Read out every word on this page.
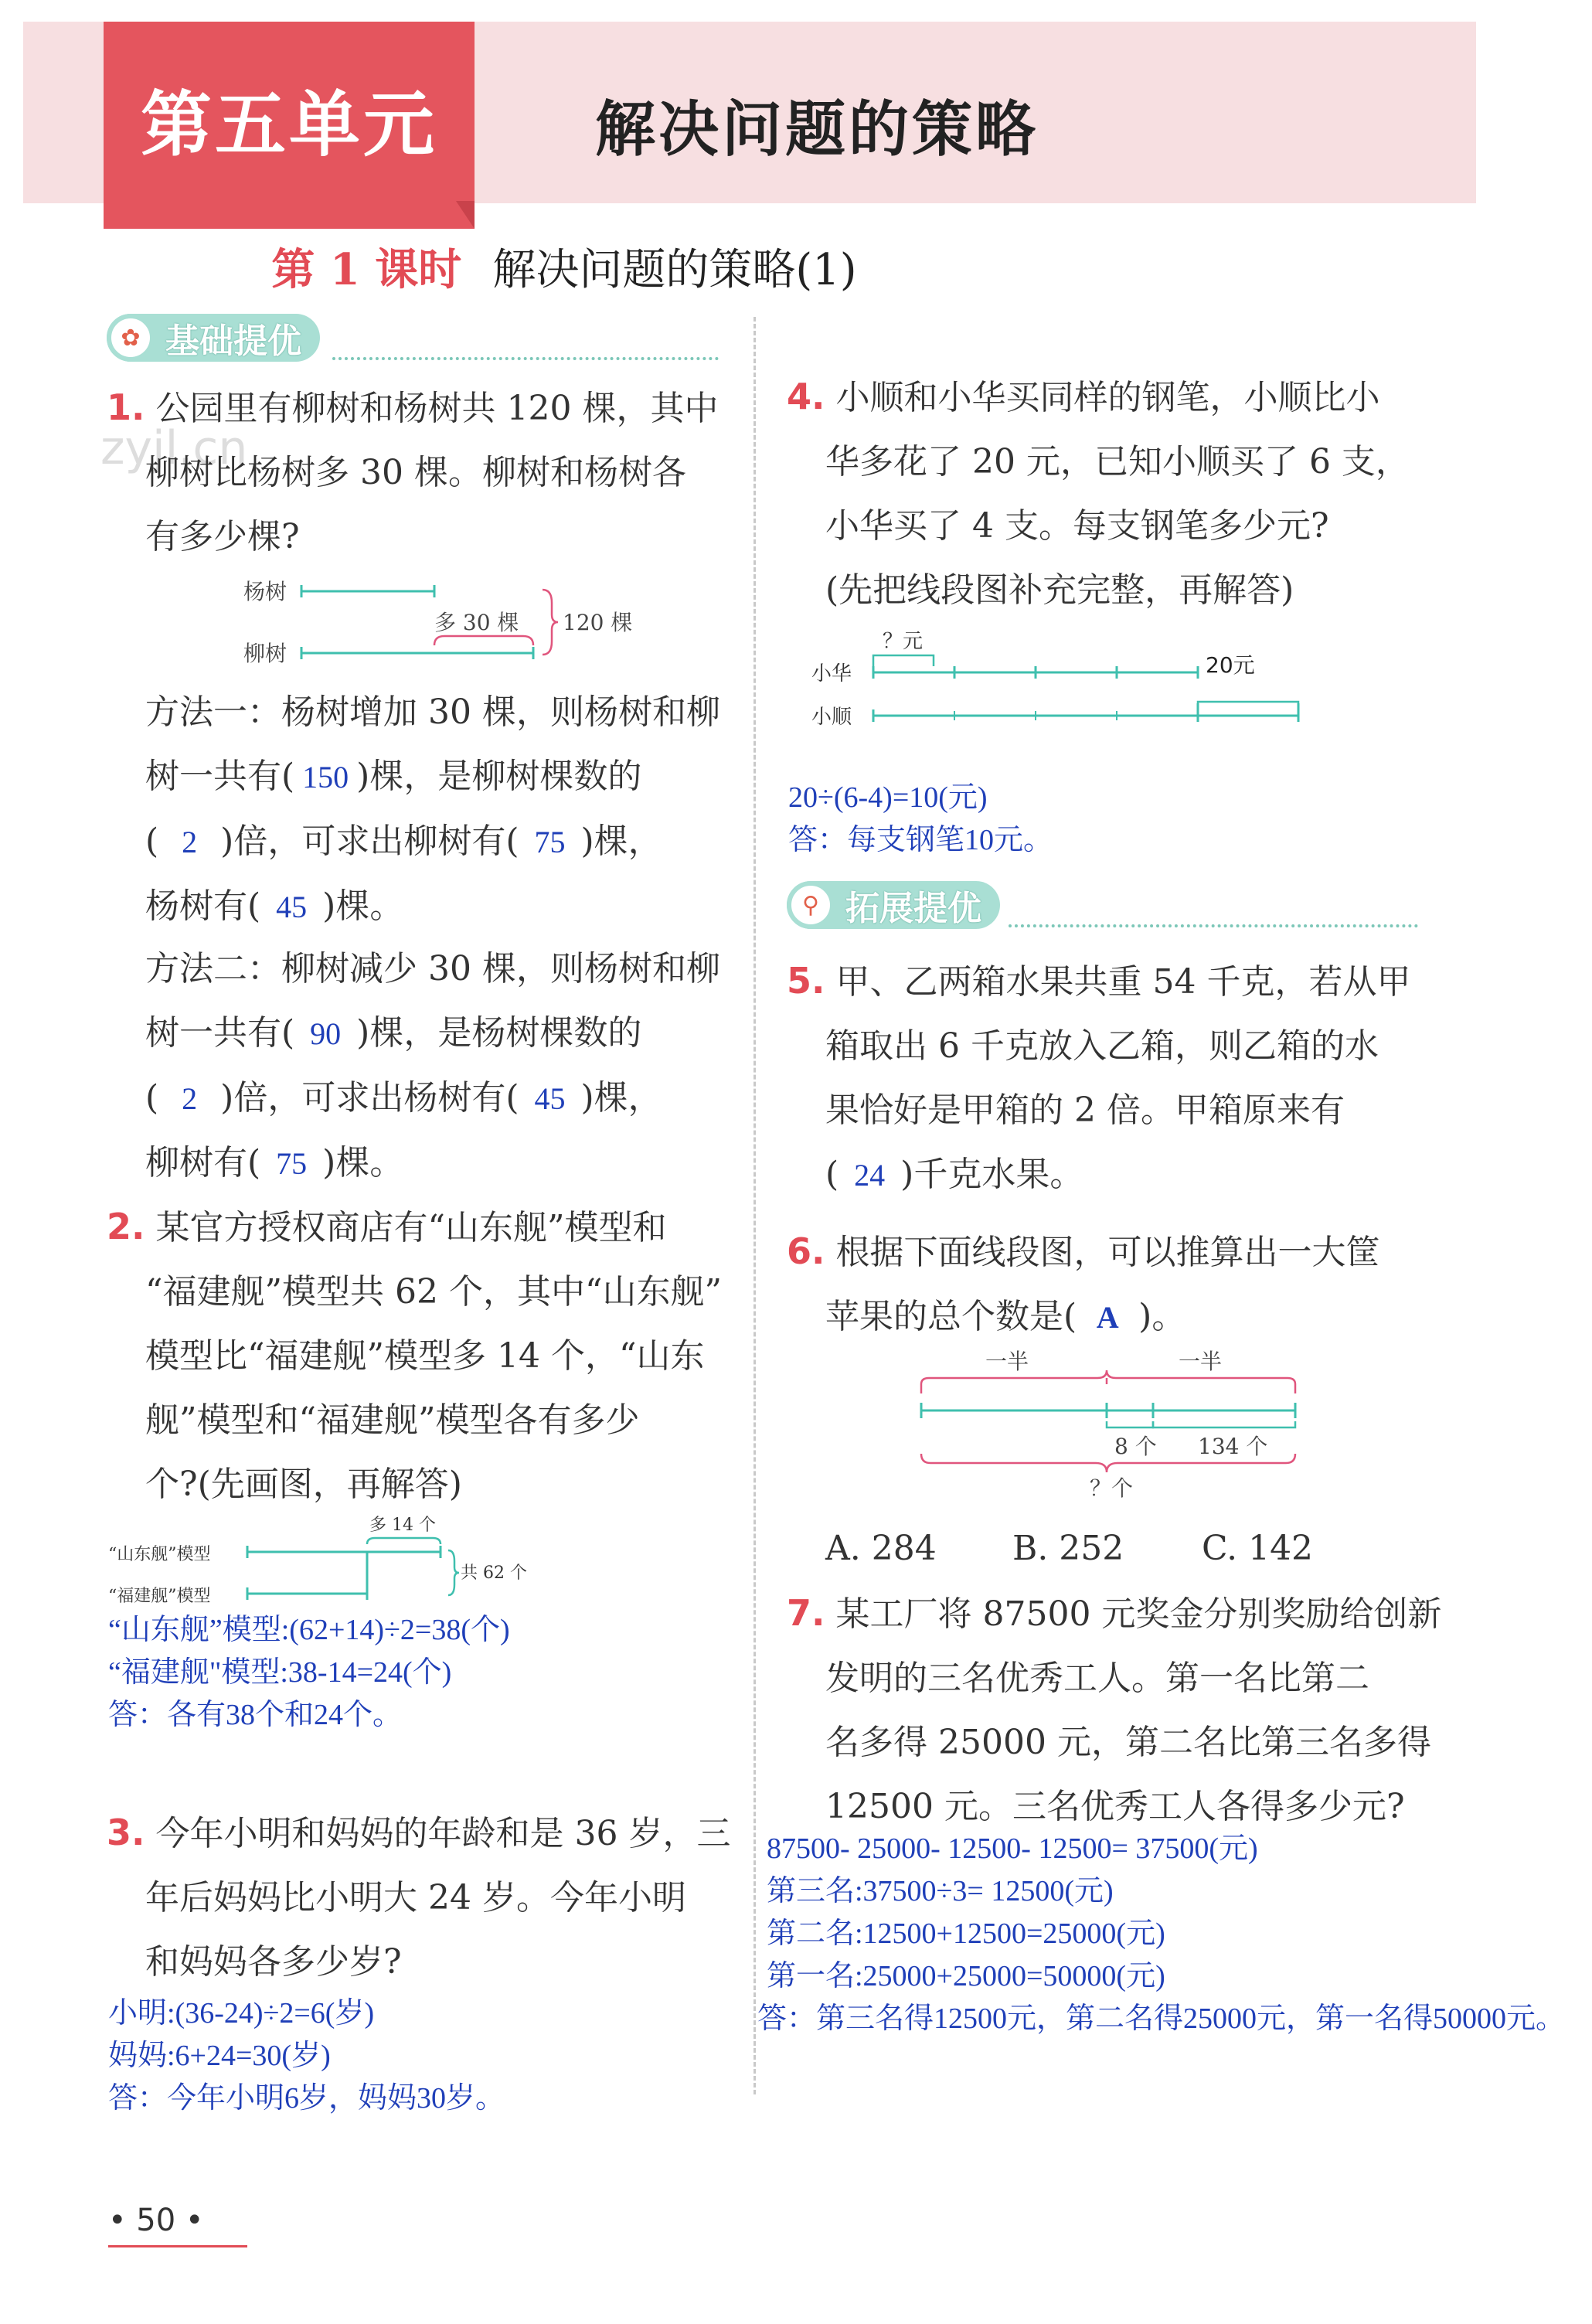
第五单元	解决问题的策略
第 1 课时 解决问题的策略(1)
zyjl.cn
✿ 基础提优
1. 公园里有柳树和杨树共 120 棵，其中
柳树比杨树多 30 棵。柳树和杨树各
有多少棵?
杨树
柳树
多 30 棵 120 棵
方法一：杨树增加 30 棵，则杨树和柳
树一共有( 150 )棵，是柳树棵数的
( 2 )倍，可求出柳树有( 75 )棵，
杨树有( 45 )棵。
方法二：柳树减少 30 棵，则杨树和柳
树一共有( 90 )棵，是杨树棵数的
( 2 )倍，可求出杨树有( 45 )棵，
柳树有( 75 )棵。
2. 某官方授权商店有“山东舰”模型和
“福建舰”模型共 62 个，其中“山东舰”
模型比“福建舰”模型多 14 个，“山东
舰”模型和“福建舰”模型各有多少
个?(先画图，再解答)
“山东舰”模型
“福建舰”模型
多 14 个
共 62 个
“山东舰”模型:(62+14)÷2=38(个)
“福建舰"模型:38-14=24(个)
答：各有38个和24个。
3. 今年小明和妈妈的年龄和是 36 岁，三
年后妈妈比小明大 24 岁。今年小明
和妈妈各多少岁?
小明:(36-24)÷2=6(岁)
妈妈:6+24=30(岁)
答：今年小明6岁，妈妈30岁。
4. 小顺和小华买同样的钢笔，小顺比小
华多花了 20 元，已知小顺买了 6 支，
小华买了 4 支。每支钢笔多少元?
(先把线段图补充完整，再解答)
小华
小顺
？元
20元
20÷(6-4)=10(元)
答：每支钢笔10元。
⚲ 拓展提优
5. 甲、乙两箱水果共重 54 千克，若从甲
箱取出 6 千克放入乙箱，则乙箱的水
果恰好是甲箱的 2 倍。甲箱原来有
( 24 )千克水果。
6. 根据下面线段图，可以推算出一大筐
苹果的总个数是( A )。
一半	一半
8 个 134 个
？个
A. 284 B. 252 C. 142
7. 某工厂将 87500 元奖金分别奖励给创新
发明的三名优秀工人。第一名比第二
名多得 25000 元，第二名比第三名多得
12500 元。三名优秀工人各得多少元?
87500- 25000- 12500- 12500= 37500(元)
第三名:37500÷3= 12500(元)
第二名:12500+12500=25000(元)
第一名:25000+25000=50000(元)
答：第三名得12500元，第二名得25000元，第一名得50000元。
• 50 •
